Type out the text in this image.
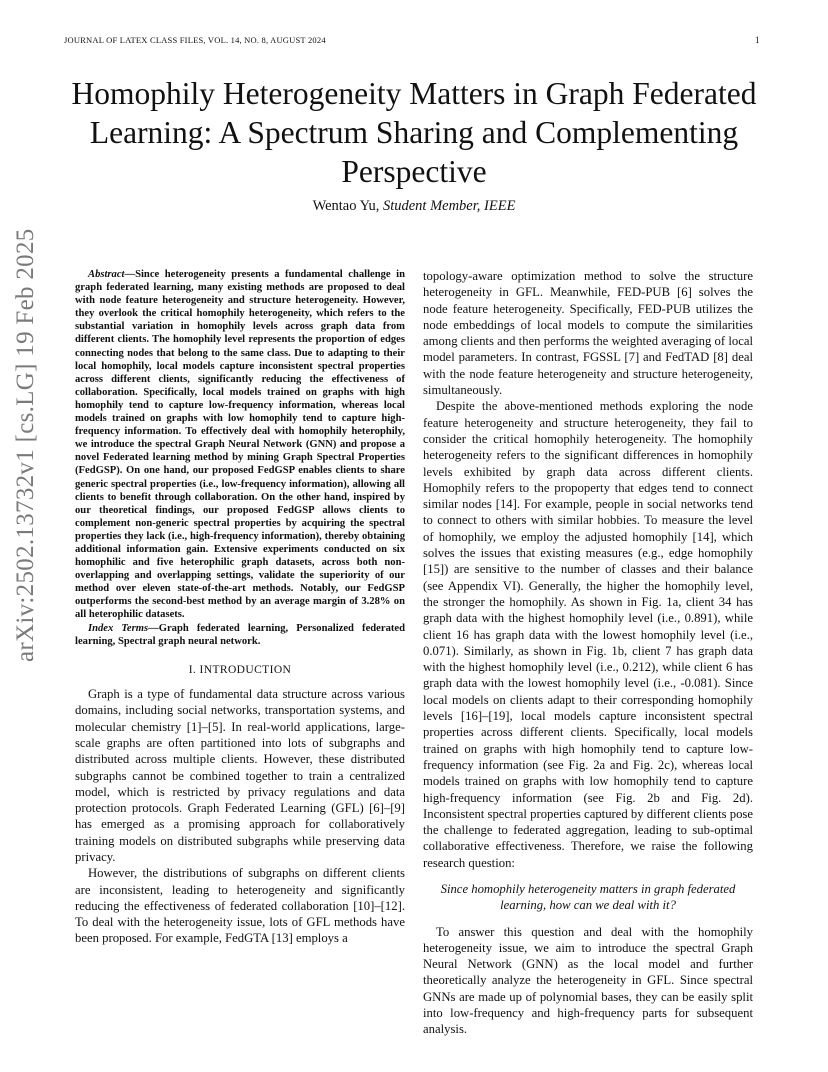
JOURNAL OF LATEX CLASS FILES, VOL. 14, NO. 8, AUGUST 2024	1
arXiv:2502.13732v1 [cs.LG] 19 Feb 2025
Homophily Heterogeneity Matters in Graph Federated Learning: A Spectrum Sharing and Complementing Perspective
Wentao Yu, Student Member, IEEE

Abstract—Since heterogeneity presents a fundamental challenge in graph federated learning, many existing methods are proposed to deal with node feature heterogeneity and structure heterogeneity. However, they overlook the critical homophily heterogeneity, which refers to the substantial variation in homophily levels across graph data from different clients. The homophily level represents the proportion of edges connecting nodes that belong to the same class. Due to adapting to their local homophily, local models capture inconsistent spectral properties across different clients, significantly reducing the effectiveness of collaboration. Specifically, local models trained on graphs with high homophily tend to capture low-frequency information, whereas local models trained on graphs with low homophily tend to capture high-frequency information. To effectively deal with homophily heterophily, we introduce the spectral Graph Neural Network (GNN) and propose a novel Federated learning method by mining Graph Spectral Properties (FedGSP). On one hand, our proposed FedGSP enables clients to share generic spectral properties (i.e., low-frequency information), allowing all clients to benefit through collaboration. On the other hand, inspired by our theoretical findings, our proposed FedGSP allows clients to complement non-generic spectral properties by acquiring the spectral properties they lack (i.e., high-frequency information), thereby obtaining additional information gain. Extensive experiments conducted on six homophilic and five heterophilic graph datasets, across both non-overlapping and overlapping settings, validate the superiority of our method over eleven state-of-the-art methods. Notably, our FedGSP outperforms the second-best method by an average margin of 3.28% on all heterophilic datasets.

Index Terms—Graph federated learning, Personalized federated learning, Spectral graph neural network.

I. INTRODUCTION

Graph is a type of fundamental data structure across various domains, including social networks, transportation systems, and molecular chemistry [1]–[5]. In real-world applications, large-scale graphs are often partitioned into lots of subgraphs and distributed across multiple clients. However, these distributed subgraphs cannot be combined together to train a centralized model, which is restricted by privacy regulations and data protection protocols. Graph Federated Learning (GFL) [6]–[9] has emerged as a promising approach for collaboratively training models on distributed subgraphs while preserving data privacy.

However, the distributions of subgraphs on different clients are inconsistent, leading to heterogeneity and significantly reducing the effectiveness of federated collaboration [10]–[12]. To deal with the heterogeneity issue, lots of GFL methods have been proposed. For example, FedGTA [13] employs a

topology-aware optimization method to solve the structure heterogeneity in GFL. Meanwhile, FED-PUB [6] solves the node feature heterogeneity. Specifically, FED-PUB utilizes the node embeddings of local models to compute the similarities among clients and then performs the weighted averaging of local model parameters. In contrast, FGSSL [7] and FedTAD [8] deal with the node feature heterogeneity and structure heterogeneity, simultaneously.

Despite the above-mentioned methods exploring the node feature heterogeneity and structure heterogeneity, they fail to consider the critical homophily heterogeneity. The homophily heterogeneity refers to the significant differences in homophily levels exhibited by graph data across different clients. Homophily refers to the propoperty that edges tend to connect similar nodes [14]. For example, people in social networks tend to connect to others with similar hobbies. To measure the level of homophily, we employ the adjusted homophily [14], which solves the issues that existing measures (e.g., edge homophily [15]) are sensitive to the number of classes and their balance (see Appendix VI). Generally, the higher the homophily level, the stronger the homophily. As shown in Fig. 1a, client 34 has graph data with the highest homophily level (i.e., 0.891), while client 16 has graph data with the lowest homophily level (i.e., 0.071). Similarly, as shown in Fig. 1b, client 7 has graph data with the highest homophily level (i.e., 0.212), while client 6 has graph data with the lowest homophily level (i.e., -0.081). Since local models on clients adapt to their corresponding homophily levels [16]–[19], local models capture inconsistent spectral properties across different clients. Specifically, local models trained on graphs with high homophily tend to capture low-frequency information (see Fig. 2a and Fig. 2c), whereas local models trained on graphs with low homophily tend to capture high-frequency information (see Fig. 2b and Fig. 2d). Inconsistent spectral properties captured by different clients pose the challenge to federated aggregation, leading to sub-optimal collaborative effectiveness. Therefore, we raise the following research question:

Since homophily heterogeneity matters in graph federated learning, how can we deal with it?

To answer this question and deal with the homophily heterogeneity issue, we aim to introduce the spectral Graph Neural Network (GNN) as the local model and further theoretically analyze the heterogeneity in GFL. Since spectral GNNs are made up of polynomial bases, they can be easily split into low-frequency and high-frequency parts for subsequent analysis.
